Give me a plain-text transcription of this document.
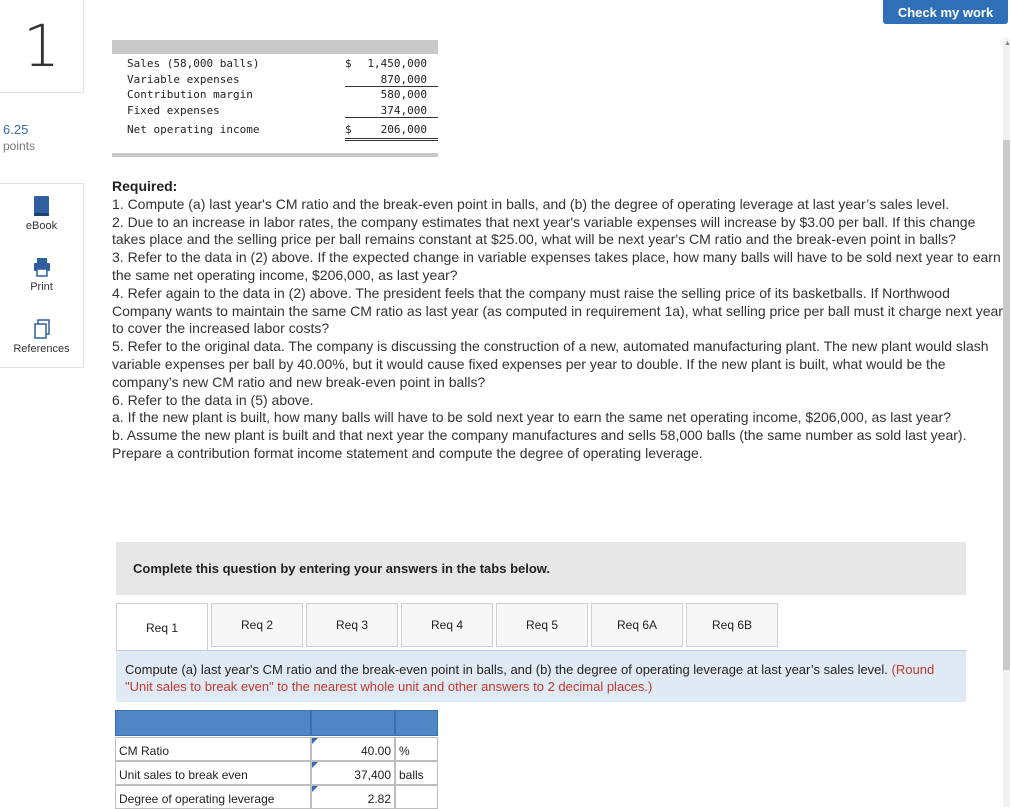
1
6.25
points
eBook
Print
References
Check my work
▲
Sales (58,000 balls)	$ 1,450,000
Variable expenses	870,000
Contribution margin	580,000
Fixed expenses	374,000
Net operating income	$	206,000
Required:
1. Compute (a) last year's CM ratio and the break-even point in balls, and (b) the degree of operating leverage at last year’s sales level.
2. Due to an increase in labor rates, the company estimates that next year's variable expenses will increase by $3.00 per ball. If this change takes place and the selling price per ball remains constant at $25.00, what will be next year's CM ratio and the break-even point in balls?
3. Refer to the data in (2) above. If the expected change in variable expenses takes place, how many balls will have to be sold next year to earn the same net operating income, $206,000, as last year?
4. Refer again to the data in (2) above. The president feels that the company must raise the selling price of its basketballs. If Northwood Company wants to maintain the same CM ratio as last year (as computed in requirement 1a), what selling price per ball must it charge next year to cover the increased labor costs?
5. Refer to the original data. The company is discussing the construction of a new, automated manufacturing plant. The new plant would slash variable expenses per ball by 40.00%, but it would cause fixed expenses per year to double. If the new plant is built, what would be the company’s new CM ratio and new break-even point in balls?
6. Refer to the data in (5) above.
a. If the new plant is built, how many balls will have to be sold next year to earn the same net operating income, $206,000, as last year?
b. Assume the new plant is built and that next year the company manufactures and sells 58,000 balls (the same number as sold last year). Prepare a contribution format income statement and compute the degree of operating leverage.
Complete this question by entering your answers in the tabs below.
Req 1	Req 2	Req 3	Req 4	Req 5	Req 6A	Req 6B
Compute (a) last year's CM ratio and the break-even point in balls, and (b) the degree of operating leverage at last year’s sales level. (Round "Unit sales to break even" to the nearest whole unit and other answers to 2 decimal places.)
CM Ratio	40.00 %
Unit sales to break even	37,400 balls
Degree of operating leverage	2.82
